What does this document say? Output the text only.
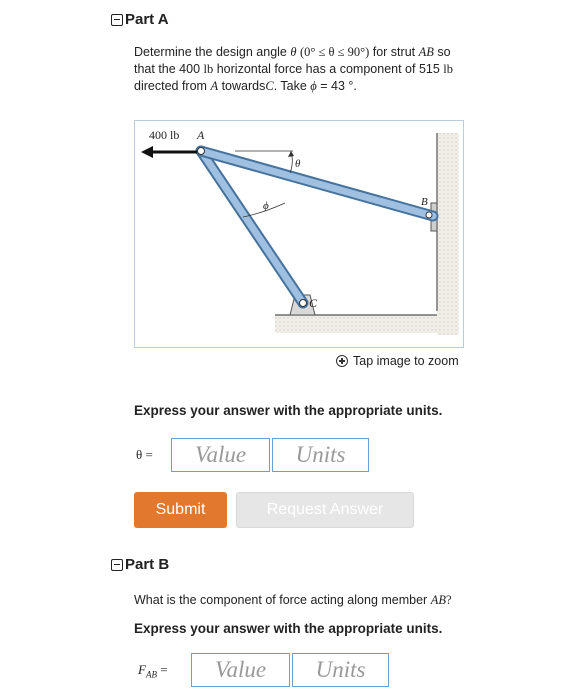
Part A
Determine the design angle θ (0° ≤ θ ≤ 90°) for strut AB so
that the 400 lb horizontal force has a component of 515 lb
directed from A towardsC. Take ϕ = 43 °.
400 lb A
B
C
θ
ϕ
Tap image to zoom
Express your answer with the appropriate units.
θ =	Value	Units
Submit	Request Answer
Part B
What is the component of force acting along member AB?
Express your answer with the appropriate units.
$F_{AB}$ =	Value	Units
